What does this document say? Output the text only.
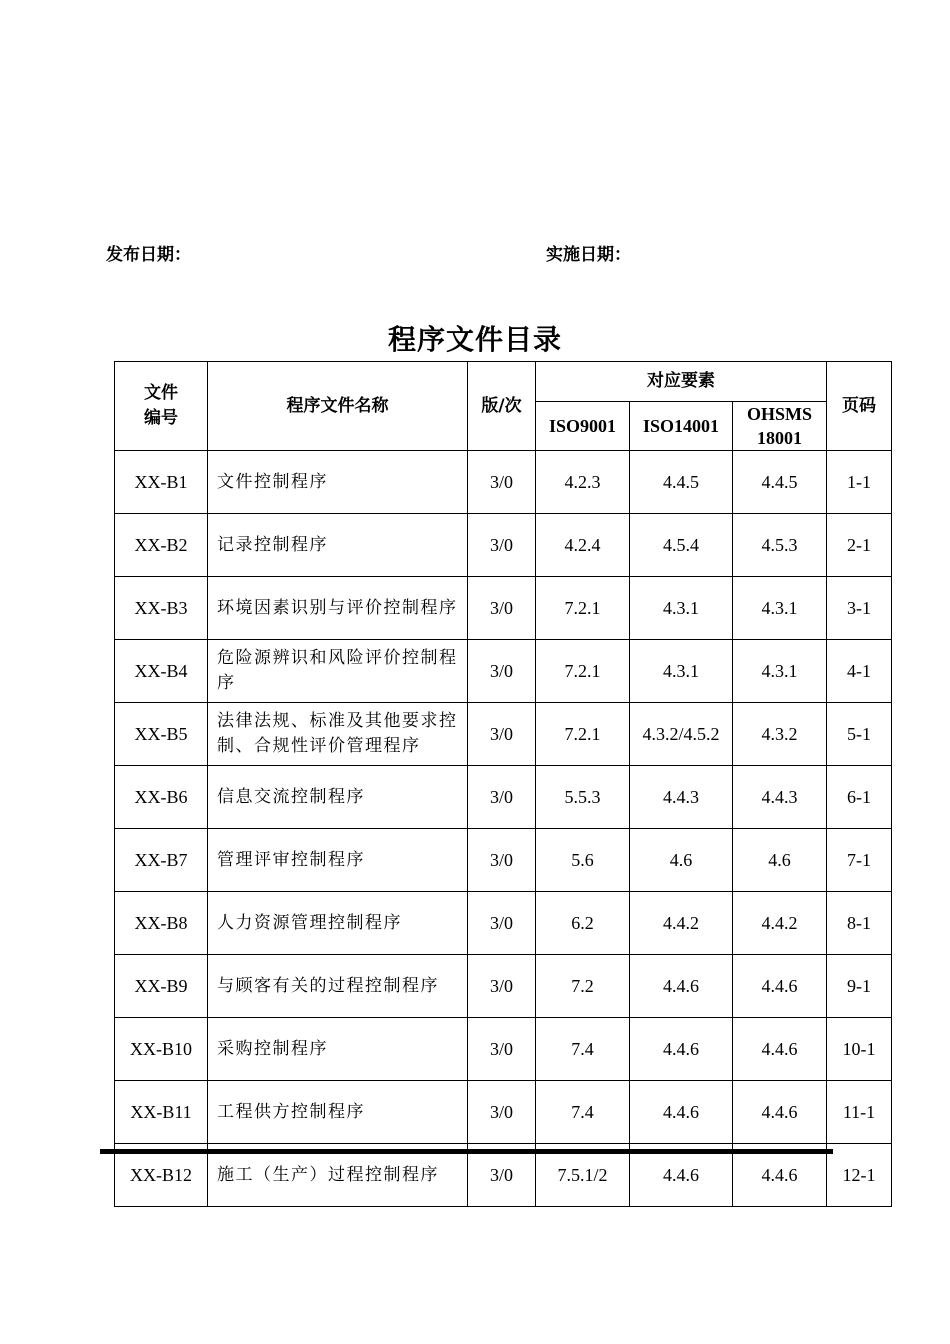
发布日期：	实施日期：
程序文件目录
文件编号	程序文件名称	版/次	对应要素			页码
			ISO9001	ISO14001	OHSMS 18001	
XX-B1	文件控制程序	3/0	4.2.3	4.4.5	4.4.5	1-1
XX-B2	记录控制程序	3/0	4.2.4	4.5.4	4.5.3	2-1
XX-B3	环境因素识别与评价控制程序	3/0	7.2.1	4.3.1	4.3.1	3-1
XX-B4	危险源辨识和风险评价控制程序	3/0	7.2.1	4.3.1	4.3.1	4-1
XX-B5	法律法规、标准及其他要求控制、合规性评价管理程序	3/0	7.2.1	4.3.2/4.5.2	4.3.2	5-1
XX-B6	信息交流控制程序	3/0	5.5.3	4.4.3	4.4.3	6-1
XX-B7	管理评审控制程序	3/0	5.6	4.6	4.6	7-1
XX-B8	人力资源管理控制程序	3/0	6.2	4.4.2	4.4.2	8-1
XX-B9	与顾客有关的过程控制程序	3/0	7.2	4.4.6	4.4.6	9-1
XX-B10	采购控制程序	3/0	7.4	4.4.6	4.4.6	10-1
XX-B11	工程供方控制程序	3/0	7.4	4.4.6	4.4.6	11-1
XX-B12	施工（生产）过程控制程序	3/0	7.5.1/2	4.4.6	4.4.6	12-1
